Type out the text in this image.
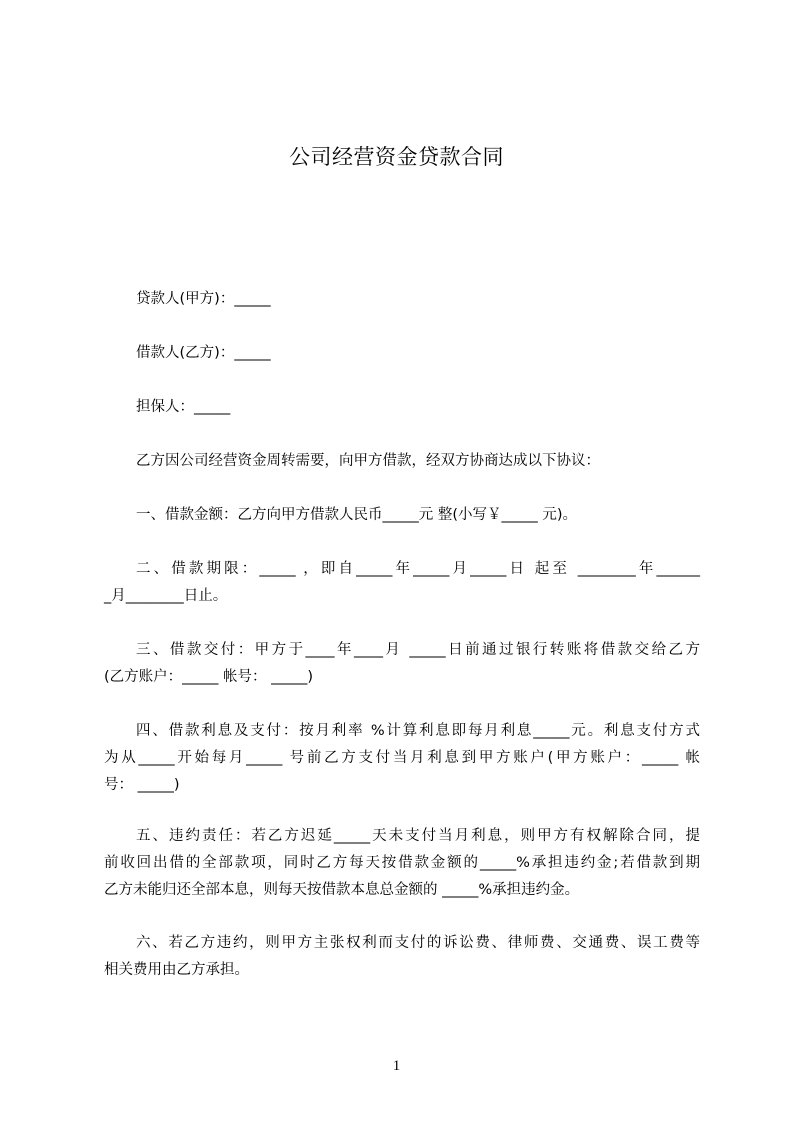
公司经营资金贷款合同
贷款人(甲方)：_____
借款人(乙方)：_____
担保人：_____
乙方因公司经营资金周转需要，向甲方借款，经双方协商达成以下协议：
一、借款金额：乙方向甲方借款人民币_____元 整(小写￥_____ 元)。
二、借款期限：_____ ，即自_____年_____月_____日 起至 ________年______
_月________日止。
三、借款交付：甲方于____年____月 _____日前通过银行转账将借款交给乙方
(乙方账户：_____ 帐号： _____)
四、借款利息及支付：按月利率 %计算利息即每月利息_____元。利息支付方式
为从_____开始每月_____ 号前乙方支付当月利息到甲方账户(甲方账户：_____ 帐
号： _____)
五、违约责任：若乙方迟延_____天未支付当月利息，则甲方有权解除合同，提
前收回出借的全部款项，同时乙方每天按借款金额的_____%承担违约金;若借款到期
乙方未能归还全部本息，则每天按借款本息总金额的 _____%承担违约金。
六、若乙方违约，则甲方主张权利而支付的诉讼费、律师费、交通费、误工费等
相关费用由乙方承担。
1
